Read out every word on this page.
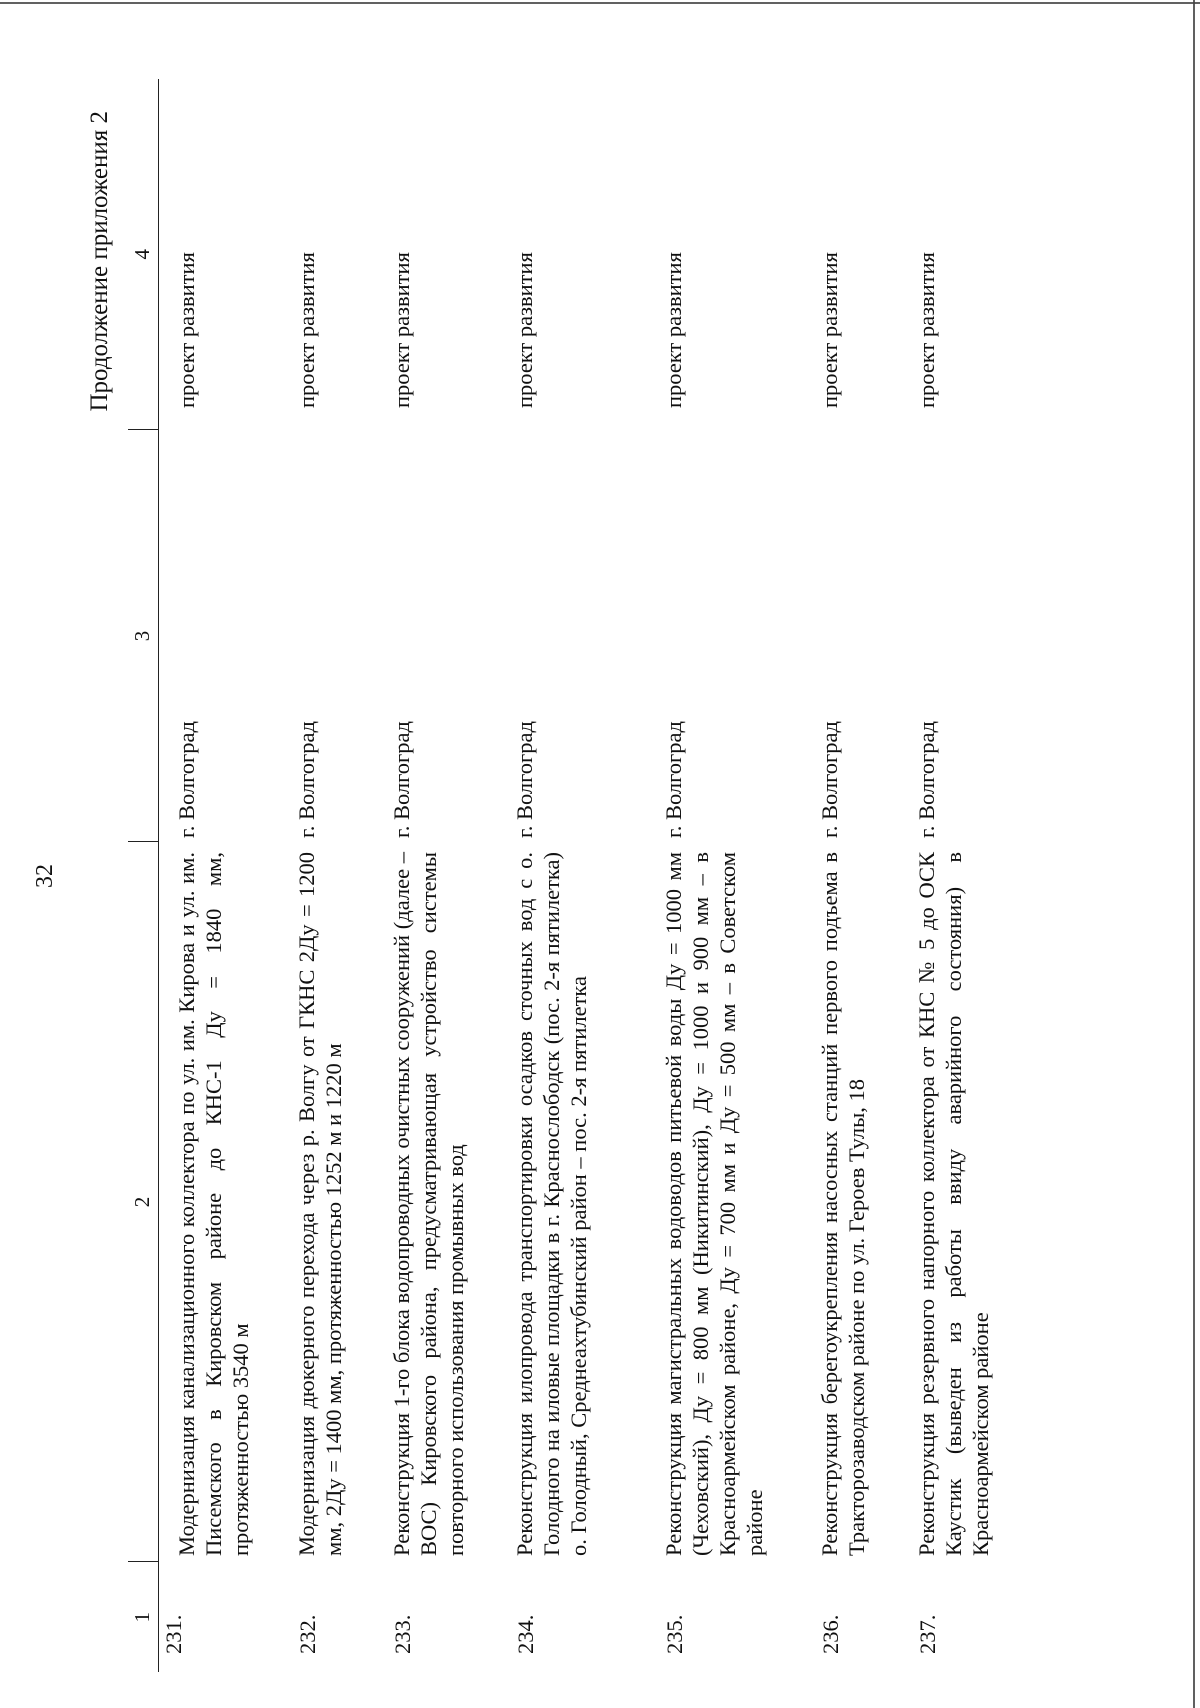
32
Продолжение приложения 2
1	2	3	4
231.	Модернизация канализационного коллектора по ул. им. Кирова и ул. им. Писемского в Кировском районе до КНС-1 Ду = 1840 мм, протяженностью 3540 м	г. Волгоград	проект развития
232.	Модернизация дюкерного перехода через р. Волгу от ГКНС 2Ду = 1200 мм, 2Ду = 1400 мм, протяженностью 1252 м и 1220 м	г. Волгоград	проект развития
233.	Реконструкция 1-го блока водопроводных очистных сооружений (далее – ВОС) Кировского района, предусматривающая устройство системы повторного использования промывных вод	г. Волгоград	проект развития
234.	Реконструкция илопровода транспортировки осадков сточных вод с о. Голодного на иловые площадки в г. Краснослободск (пос. 2-я пятилетка) о. Голодный, Среднеахтубинский район – пос. 2-я пятилетка	г. Волгоград	проект развития
235.	Реконструкция магистральных водоводов питьевой воды Ду = 1000 мм (Чеховский), Ду = 800 мм (Никитинский), Ду = 1000 и 900 мм – в Красноармейском районе, Ду = 700 мм и Ду = 500 мм – в Советском районе	г. Волгоград	проект развития
236.	Реконструкция берегоукрепления насосных станций первого подъема в Тракторозаводском районе по ул. Героев Тулы, 18	г. Волгоград	проект развития
237.	Реконструкция резервного напорного коллектора от КНС № 5 до ОСК Каустик (выведен из работы ввиду аварийного состояния) в Красноармейском районе	г. Волгоград	проект развития
